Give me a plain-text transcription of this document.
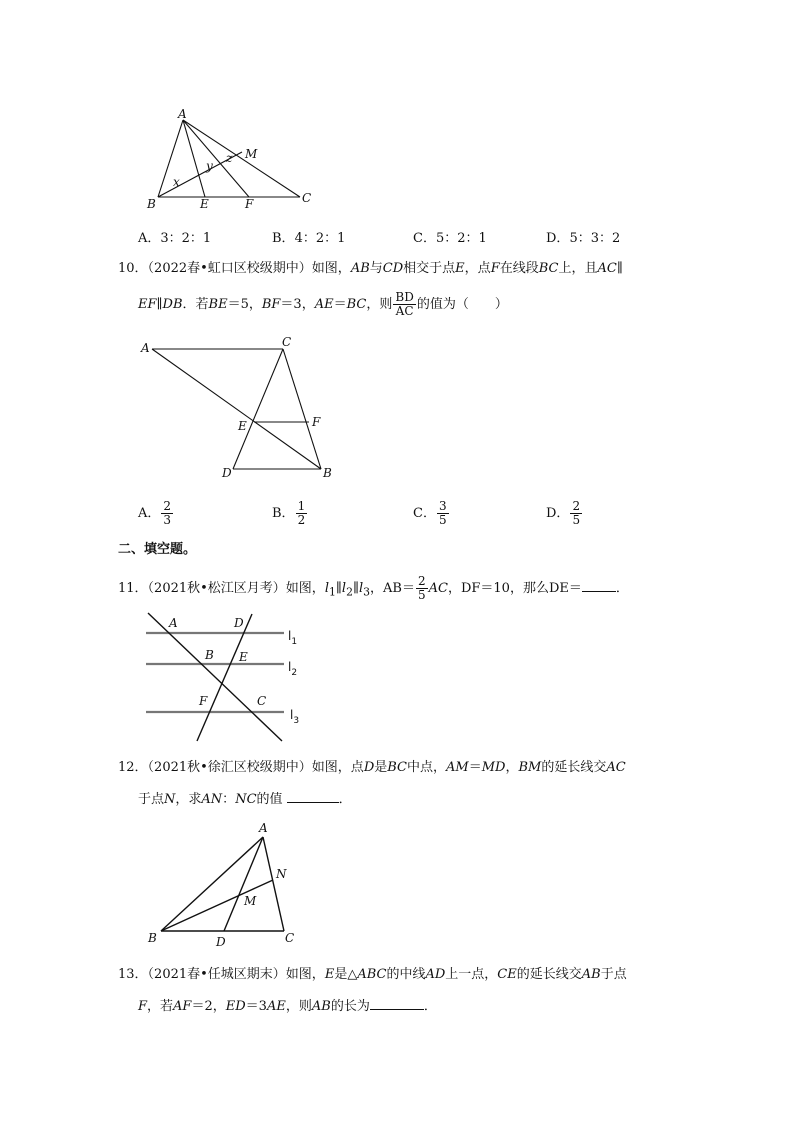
A
B	E	F	C
M
x
y
z
A．3：2：1	B．4：2：1	C．5：2：1	D．5：3：2
10．（2022春•虹口区校级期中）如图，AB与CD相交于点E，点F在线段BC上，且AC∥
EF∥DB．若BE＝5，BF＝3，AE＝BC，则 $\frac{BD}{AC}$ 的值为（　　）
A	C
E	F
D	B
A． $\frac{2}{3}$	B． $\frac{1}{2}$	C． $\frac{3}{5}$	D． $\frac{2}{5}$
二、填空题。
11．（2021秋•松江区月考）如图，$l_1\parallel l_2\parallel l_3$，$AB= \frac{2}{5}$ AC，DF＝10，那么DE＝	．
A	D
B E
F	C
$l_1$
$l_2$
$l_3$
12．（2021秋•徐汇区校级期中）如图，点D是BC中点，AM＝MD，BM的延长线交AC
于点N，求AN：NC的值	．
A
N
M
B	D	C
13．（2021春•任城区期末）如图，E是△ABC的中线AD上一点，CE的延长线交AB于点
F，若AF＝2，ED＝3AE，则AB的长为	．
